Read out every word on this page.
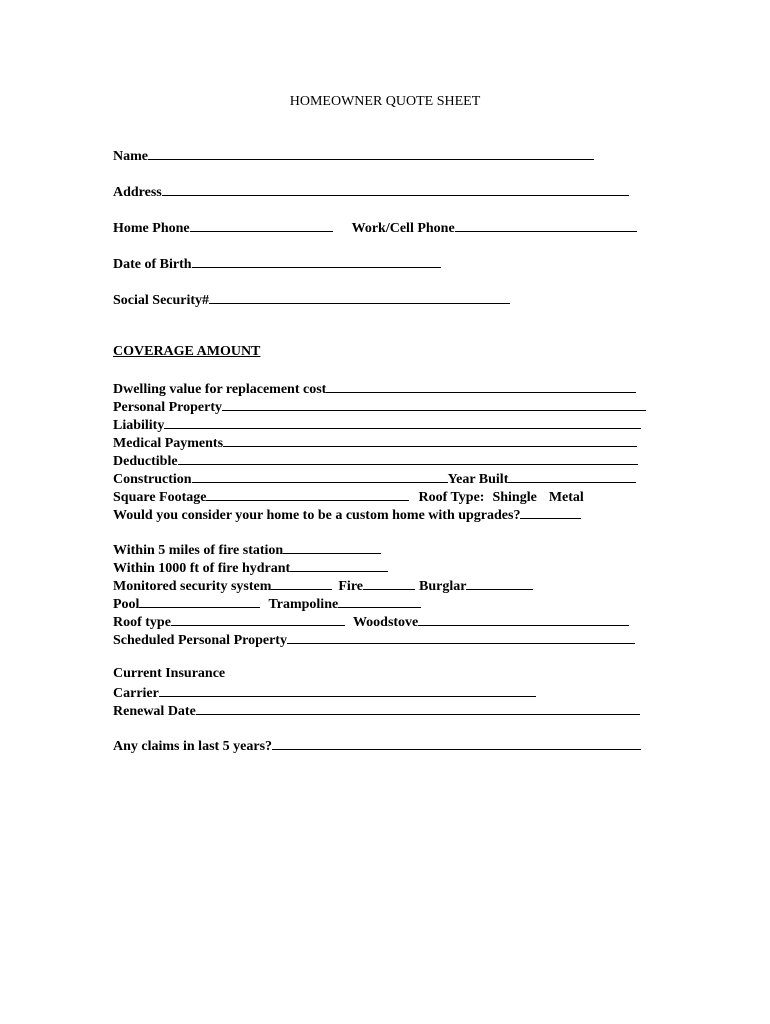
HOMEOWNER QUOTE SHEET
Name
Address
Home Phone	Work/Cell Phone
Date of Birth
Social Security#
COVERAGE AMOUNT
Dwelling value for replacement cost
Personal Property
Liability
Medical Payments
Deductible
Construction	Year Built
Square Footage	Roof Type: Shingle Metal
Would you consider your home to be a custom home with upgrades?
Within 5 miles of fire station
Within 1000 ft of fire hydrant
Monitored security system	Fire	Burglar
Pool	Trampoline
Roof type	Woodstove
Scheduled Personal Property
Current Insurance
Carrier
Renewal Date
Any claims in last 5 years?
